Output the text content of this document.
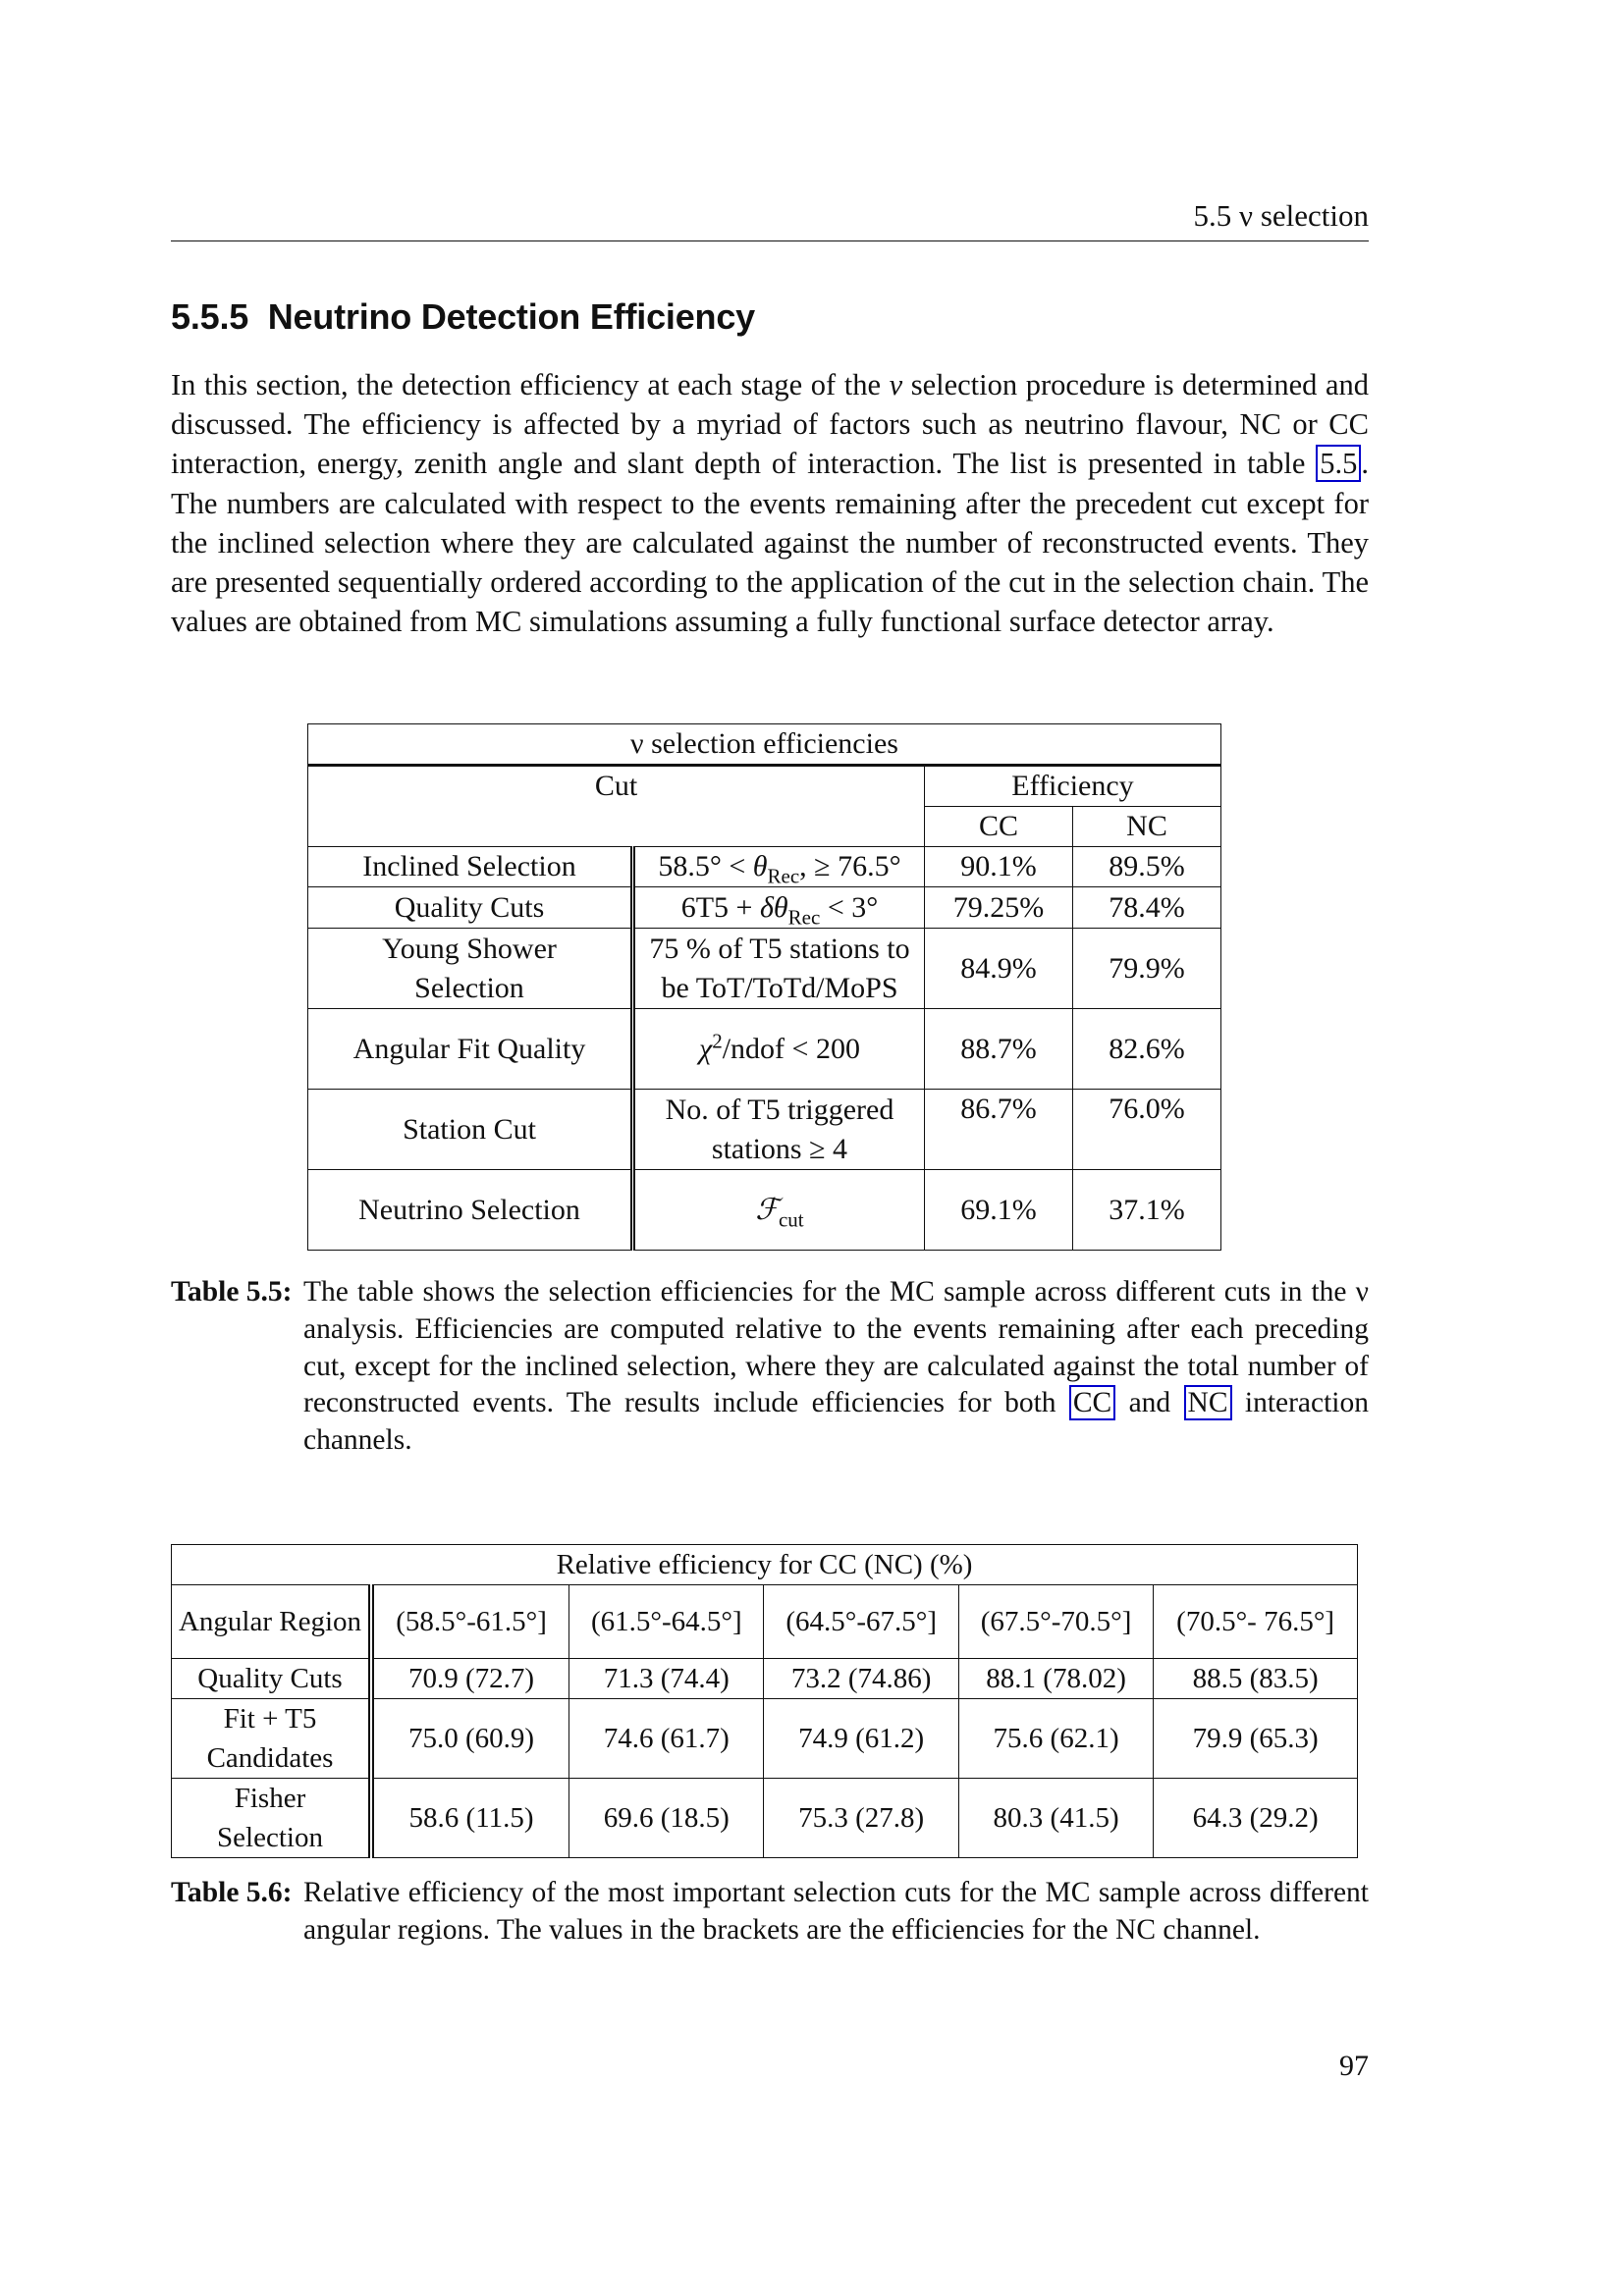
5.5 ν selection
5.5.5 Neutrino Detection Efficiency

In this section, the detection efficiency at each stage of the ν selection procedure is determined and discussed. The efficiency is affected by a myriad of factors such as neutrino flavour, NC or CC interaction, energy, zenith angle and slant depth of interaction. The list is presented in table 5.5 . The numbers are calculated with respect to the events remaining after the precedent cut except for the inclined selection where they are calculated against the number of reconstructed events. They are presented sequentially ordered according to the application of the cut in the selection chain. The values are obtained from MC simulations assuming a fully functional surface detector array.

ν selection efficiencies			
Cut		Efficiency	
		CC	NC
Inclined Selection	$58.5^\circ < \theta_{Rec}$, ≥ 76.5°	90.1%	89.5%
Quality Cuts	$6T5 + \delta\theta_{Rec} < 3^\circ$	79.25%	78.4%
Young Shower Selection	75 % of T5 stations to be ToT/ToTd/MoPS	84.9%	79.9%
Angular Fit Quality	$\chi^2$/ndof < 200	88.7%	82.6%
Station Cut	No. of T5 triggered stations ≥ 4	86.7%	76.0%
Neutrino Selection	ℱ$_{cut}$	69.1%	37.1%
Table 5.5: The table shows the selection efficiencies for the MC sample across different cuts in the ν analysis. Efficiencies are computed relative to the events remaining after each preceding cut, except for the inclined selection, where they are calculated against the total number of reconstructed events. The results include efficiencies for both CC and NC interaction channels.
Relative efficiency for CC (NC) (%)					
Angular Region	(58.5°-61.5°]	(61.5°-64.5°]	(64.5°-67.5°]	(67.5°-70.5°]	(70.5°- 76.5°]
Quality Cuts	70.9 (72.7)	71.3 (74.4)	73.2 (74.86)	88.1 (78.02)	88.5 (83.5)
Fit + T5 Candidates	75.0 (60.9)	74.6 (61.7)	74.9 (61.2)	75.6 (62.1)	79.9 (65.3)
Fisher Selection	58.6 (11.5)	69.6 (18.5)	75.3 (27.8)	80.3 (41.5)	64.3 (29.2)
Table 5.6: Relative efficiency of the most important selection cuts for the MC sample across different angular regions. The values in the brackets are the efficiencies for the NC channel.
97
